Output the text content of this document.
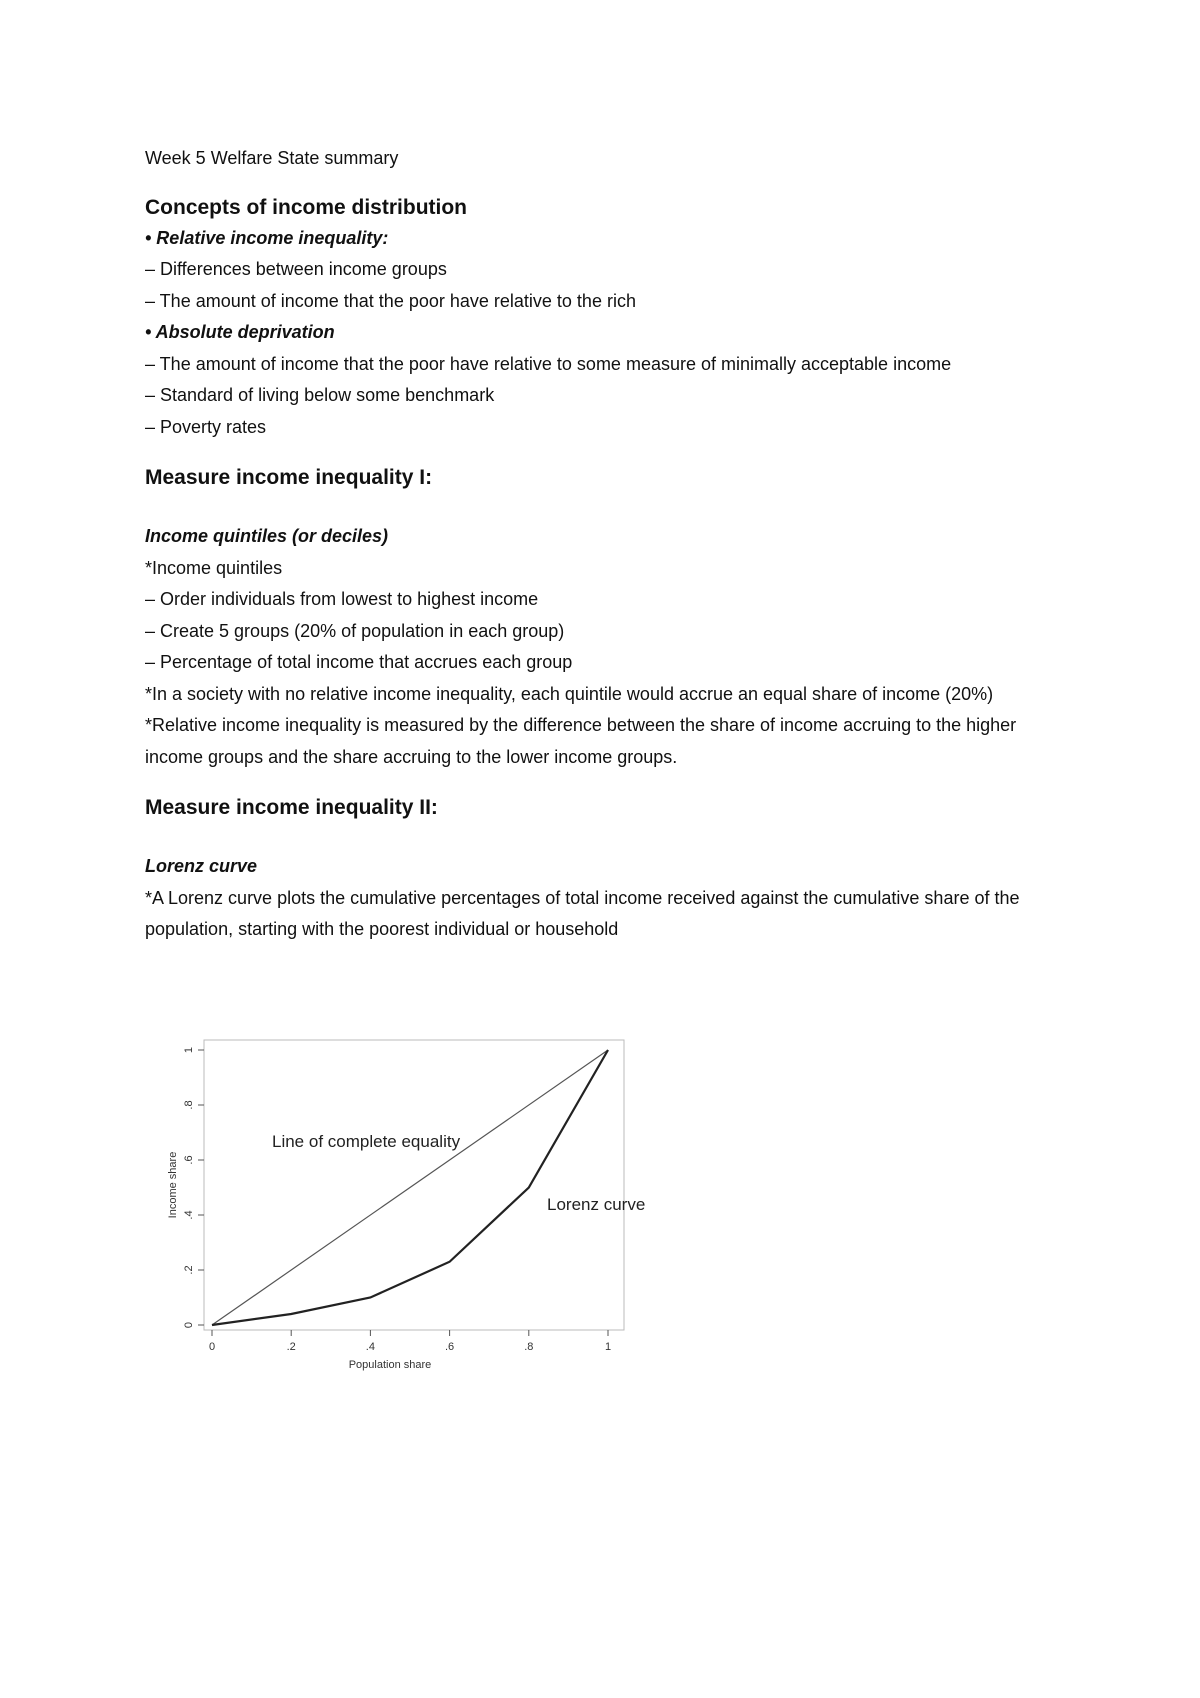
Week 5 Welfare State summary
Concepts of income distribution
• Relative income inequality:
– Differences between income groups
– The amount of income that the poor have relative to the rich
• Absolute deprivation
– The amount of income that the poor have relative to some measure of minimally acceptable income
– Standard of living below some benchmark
– Poverty rates
Measure income inequality I:
Income quintiles (or deciles)
*Income quintiles
– Order individuals from lowest to highest income
– Create 5 groups (20% of population in each group)
– Percentage of total income that accrues each group
*In a society with no relative income inequality, each quintile would accrue an equal share of income (20%)
*Relative income inequality is measured by the difference between the share of income accruing to the higher income groups and the share accruing to the lower income groups.
Measure income inequality II:
Lorenz curve
*A Lorenz curve plots the cumulative percentages of total income received against the cumulative share of the population, starting with the poorest individual or household
0	.2	.4	.6	.8	1
0
.2
.4
.6
.8
1
Line of complete equality
Lorenz curve
Population share
Income share
